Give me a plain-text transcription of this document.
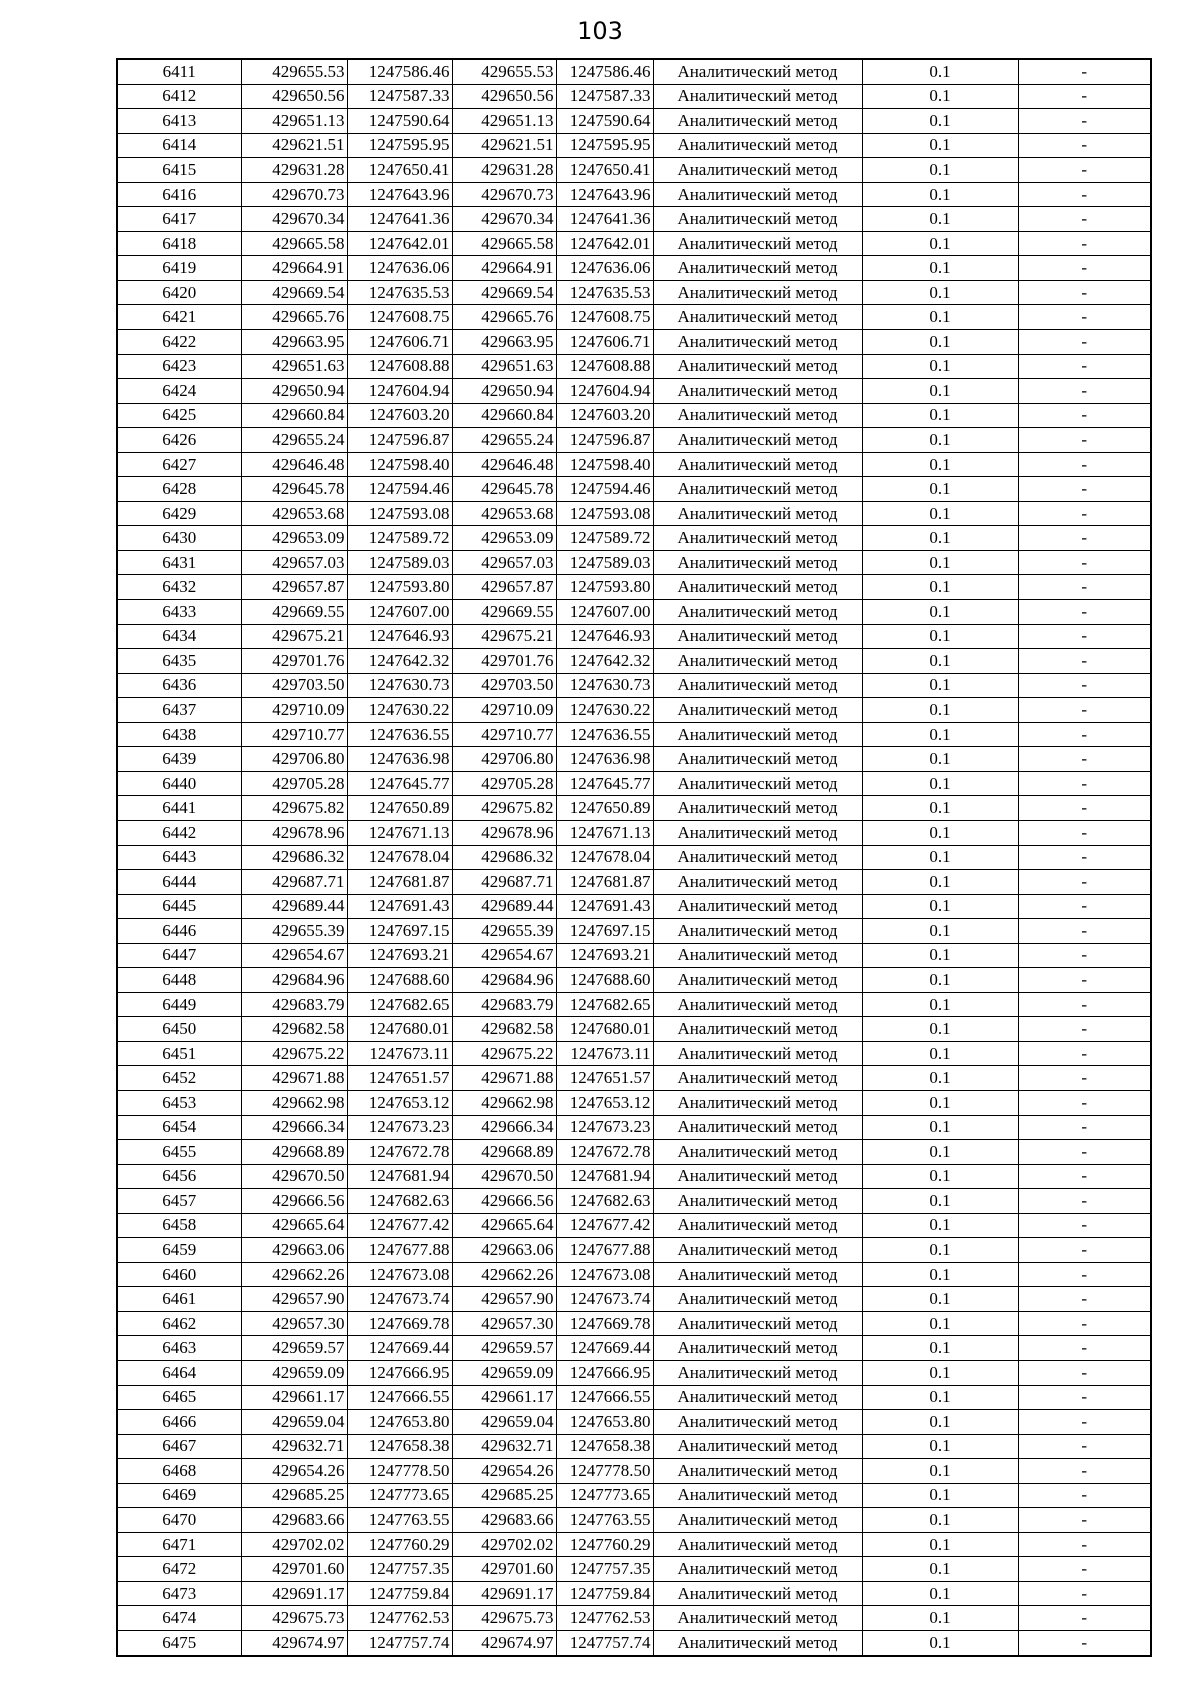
103
6411	429655.53	1247586.46	429655.53	1247586.46	Аналитический метод	0.1	-
6412	429650.56	1247587.33	429650.56	1247587.33	Аналитический метод	0.1	-
6413	429651.13	1247590.64	429651.13	1247590.64	Аналитический метод	0.1	-
6414	429621.51	1247595.95	429621.51	1247595.95	Аналитический метод	0.1	-
6415	429631.28	1247650.41	429631.28	1247650.41	Аналитический метод	0.1	-
6416	429670.73	1247643.96	429670.73	1247643.96	Аналитический метод	0.1	-
6417	429670.34	1247641.36	429670.34	1247641.36	Аналитический метод	0.1	-
6418	429665.58	1247642.01	429665.58	1247642.01	Аналитический метод	0.1	-
6419	429664.91	1247636.06	429664.91	1247636.06	Аналитический метод	0.1	-
6420	429669.54	1247635.53	429669.54	1247635.53	Аналитический метод	0.1	-
6421	429665.76	1247608.75	429665.76	1247608.75	Аналитический метод	0.1	-
6422	429663.95	1247606.71	429663.95	1247606.71	Аналитический метод	0.1	-
6423	429651.63	1247608.88	429651.63	1247608.88	Аналитический метод	0.1	-
6424	429650.94	1247604.94	429650.94	1247604.94	Аналитический метод	0.1	-
6425	429660.84	1247603.20	429660.84	1247603.20	Аналитический метод	0.1	-
6426	429655.24	1247596.87	429655.24	1247596.87	Аналитический метод	0.1	-
6427	429646.48	1247598.40	429646.48	1247598.40	Аналитический метод	0.1	-
6428	429645.78	1247594.46	429645.78	1247594.46	Аналитический метод	0.1	-
6429	429653.68	1247593.08	429653.68	1247593.08	Аналитический метод	0.1	-
6430	429653.09	1247589.72	429653.09	1247589.72	Аналитический метод	0.1	-
6431	429657.03	1247589.03	429657.03	1247589.03	Аналитический метод	0.1	-
6432	429657.87	1247593.80	429657.87	1247593.80	Аналитический метод	0.1	-
6433	429669.55	1247607.00	429669.55	1247607.00	Аналитический метод	0.1	-
6434	429675.21	1247646.93	429675.21	1247646.93	Аналитический метод	0.1	-
6435	429701.76	1247642.32	429701.76	1247642.32	Аналитический метод	0.1	-
6436	429703.50	1247630.73	429703.50	1247630.73	Аналитический метод	0.1	-
6437	429710.09	1247630.22	429710.09	1247630.22	Аналитический метод	0.1	-
6438	429710.77	1247636.55	429710.77	1247636.55	Аналитический метод	0.1	-
6439	429706.80	1247636.98	429706.80	1247636.98	Аналитический метод	0.1	-
6440	429705.28	1247645.77	429705.28	1247645.77	Аналитический метод	0.1	-
6441	429675.82	1247650.89	429675.82	1247650.89	Аналитический метод	0.1	-
6442	429678.96	1247671.13	429678.96	1247671.13	Аналитический метод	0.1	-
6443	429686.32	1247678.04	429686.32	1247678.04	Аналитический метод	0.1	-
6444	429687.71	1247681.87	429687.71	1247681.87	Аналитический метод	0.1	-
6445	429689.44	1247691.43	429689.44	1247691.43	Аналитический метод	0.1	-
6446	429655.39	1247697.15	429655.39	1247697.15	Аналитический метод	0.1	-
6447	429654.67	1247693.21	429654.67	1247693.21	Аналитический метод	0.1	-
6448	429684.96	1247688.60	429684.96	1247688.60	Аналитический метод	0.1	-
6449	429683.79	1247682.65	429683.79	1247682.65	Аналитический метод	0.1	-
6450	429682.58	1247680.01	429682.58	1247680.01	Аналитический метод	0.1	-
6451	429675.22	1247673.11	429675.22	1247673.11	Аналитический метод	0.1	-
6452	429671.88	1247651.57	429671.88	1247651.57	Аналитический метод	0.1	-
6453	429662.98	1247653.12	429662.98	1247653.12	Аналитический метод	0.1	-
6454	429666.34	1247673.23	429666.34	1247673.23	Аналитический метод	0.1	-
6455	429668.89	1247672.78	429668.89	1247672.78	Аналитический метод	0.1	-
6456	429670.50	1247681.94	429670.50	1247681.94	Аналитический метод	0.1	-
6457	429666.56	1247682.63	429666.56	1247682.63	Аналитический метод	0.1	-
6458	429665.64	1247677.42	429665.64	1247677.42	Аналитический метод	0.1	-
6459	429663.06	1247677.88	429663.06	1247677.88	Аналитический метод	0.1	-
6460	429662.26	1247673.08	429662.26	1247673.08	Аналитический метод	0.1	-
6461	429657.90	1247673.74	429657.90	1247673.74	Аналитический метод	0.1	-
6462	429657.30	1247669.78	429657.30	1247669.78	Аналитический метод	0.1	-
6463	429659.57	1247669.44	429659.57	1247669.44	Аналитический метод	0.1	-
6464	429659.09	1247666.95	429659.09	1247666.95	Аналитический метод	0.1	-
6465	429661.17	1247666.55	429661.17	1247666.55	Аналитический метод	0.1	-
6466	429659.04	1247653.80	429659.04	1247653.80	Аналитический метод	0.1	-
6467	429632.71	1247658.38	429632.71	1247658.38	Аналитический метод	0.1	-
6468	429654.26	1247778.50	429654.26	1247778.50	Аналитический метод	0.1	-
6469	429685.25	1247773.65	429685.25	1247773.65	Аналитический метод	0.1	-
6470	429683.66	1247763.55	429683.66	1247763.55	Аналитический метод	0.1	-
6471	429702.02	1247760.29	429702.02	1247760.29	Аналитический метод	0.1	-
6472	429701.60	1247757.35	429701.60	1247757.35	Аналитический метод	0.1	-
6473	429691.17	1247759.84	429691.17	1247759.84	Аналитический метод	0.1	-
6474	429675.73	1247762.53	429675.73	1247762.53	Аналитический метод	0.1	-
6475	429674.97	1247757.74	429674.97	1247757.74	Аналитический метод	0.1	-
